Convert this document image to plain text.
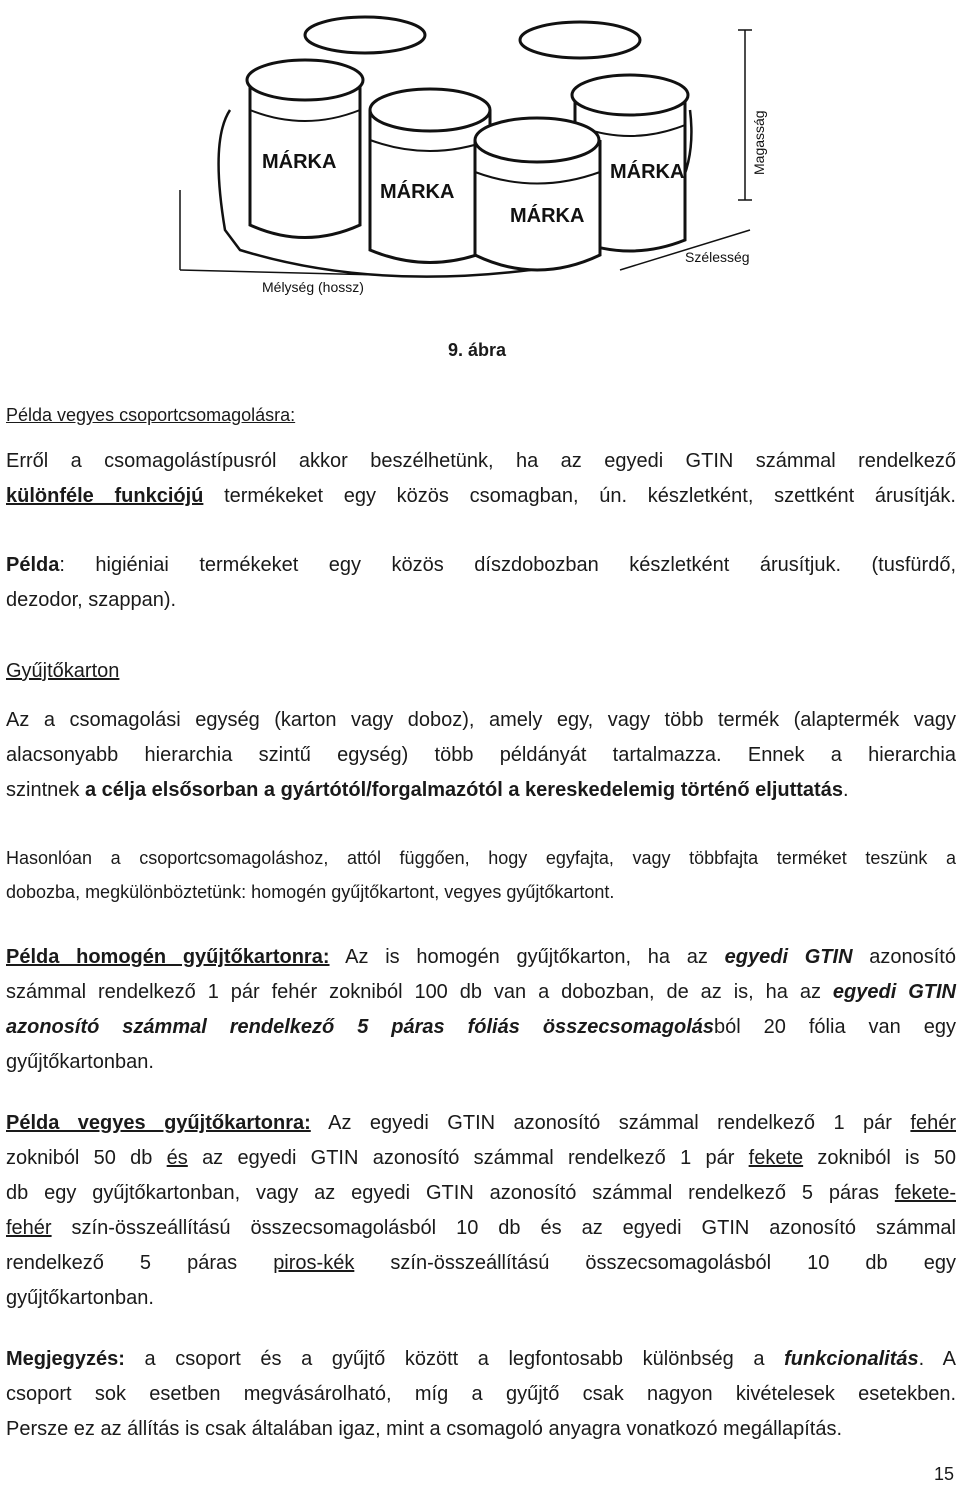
MÁRKA
MÁRKA
MÁRKA
MÁRKA
Mélység (hossz)
Szélesség
Magasság
9. ábra
Példa vegyes csoportcsomagolásra:
Erről a csomagolástípusról akkor beszélhetünk, ha az egyedi GTIN számmal rendelkező
különféle funkciójú termékeket egy közös csomagban, ún. készletként, szettként árusítják.
Példa: higiéniai termékeket egy közös díszdobozban készletként árusítjuk. (tusfürdő,
dezodor, szappan).
Gyűjtőkarton
Az a csomagolási egység (karton vagy doboz), amely egy, vagy több termék (alaptermék vagy
alacsonyabb hierarchia szintű egység) több példányát tartalmazza. Ennek a hierarchia
szintnek a célja elsősorban a gyártótól/forgalmazótól a kereskedelemig történő eljuttatás.
Hasonlóan a csoportcsomagoláshoz, attól függően, hogy egyfajta, vagy többfajta terméket teszünk a
dobozba, megkülönböztetünk: homogén gyűjtőkartont, vegyes gyűjtőkartont.
Példa homogén gyűjtőkartonra: Az is homogén gyűjtőkarton, ha az egyedi GTIN azonosító
számmal rendelkező 1 pár fehér zokniból 100 db van a dobozban, de az is, ha az egyedi GTIN
azonosító számmal rendelkező 5 páras fóliás összecsomagolásból 20 fólia van egy
gyűjtőkartonban.
Példa vegyes gyűjtőkartonra: Az egyedi GTIN azonosító számmal rendelkező 1 pár fehér
zokniból 50 db és az egyedi GTIN azonosító számmal rendelkező 1 pár fekete zokniból is 50
db egy gyűjtőkartonban, vagy az egyedi GTIN azonosító számmal rendelkező 5 páras fekete-
fehér szín-összeállítású összecsomagolásból 10 db és az egyedi GTIN azonosító számmal
rendelkező 5 páras piros-kék szín-összeállítású összecsomagolásból 10 db egy
gyűjtőkartonban.
Megjegyzés: a csoport és a gyűjtő között a legfontosabb különbség a funkcionalitás. A
csoport sok esetben megvásárolható, míg a gyűjtő csak nagyon kivételesek esetekben.
Persze ez az állítás is csak általában igaz, mint a csomagoló anyagra vonatkozó megállapítás.
15
